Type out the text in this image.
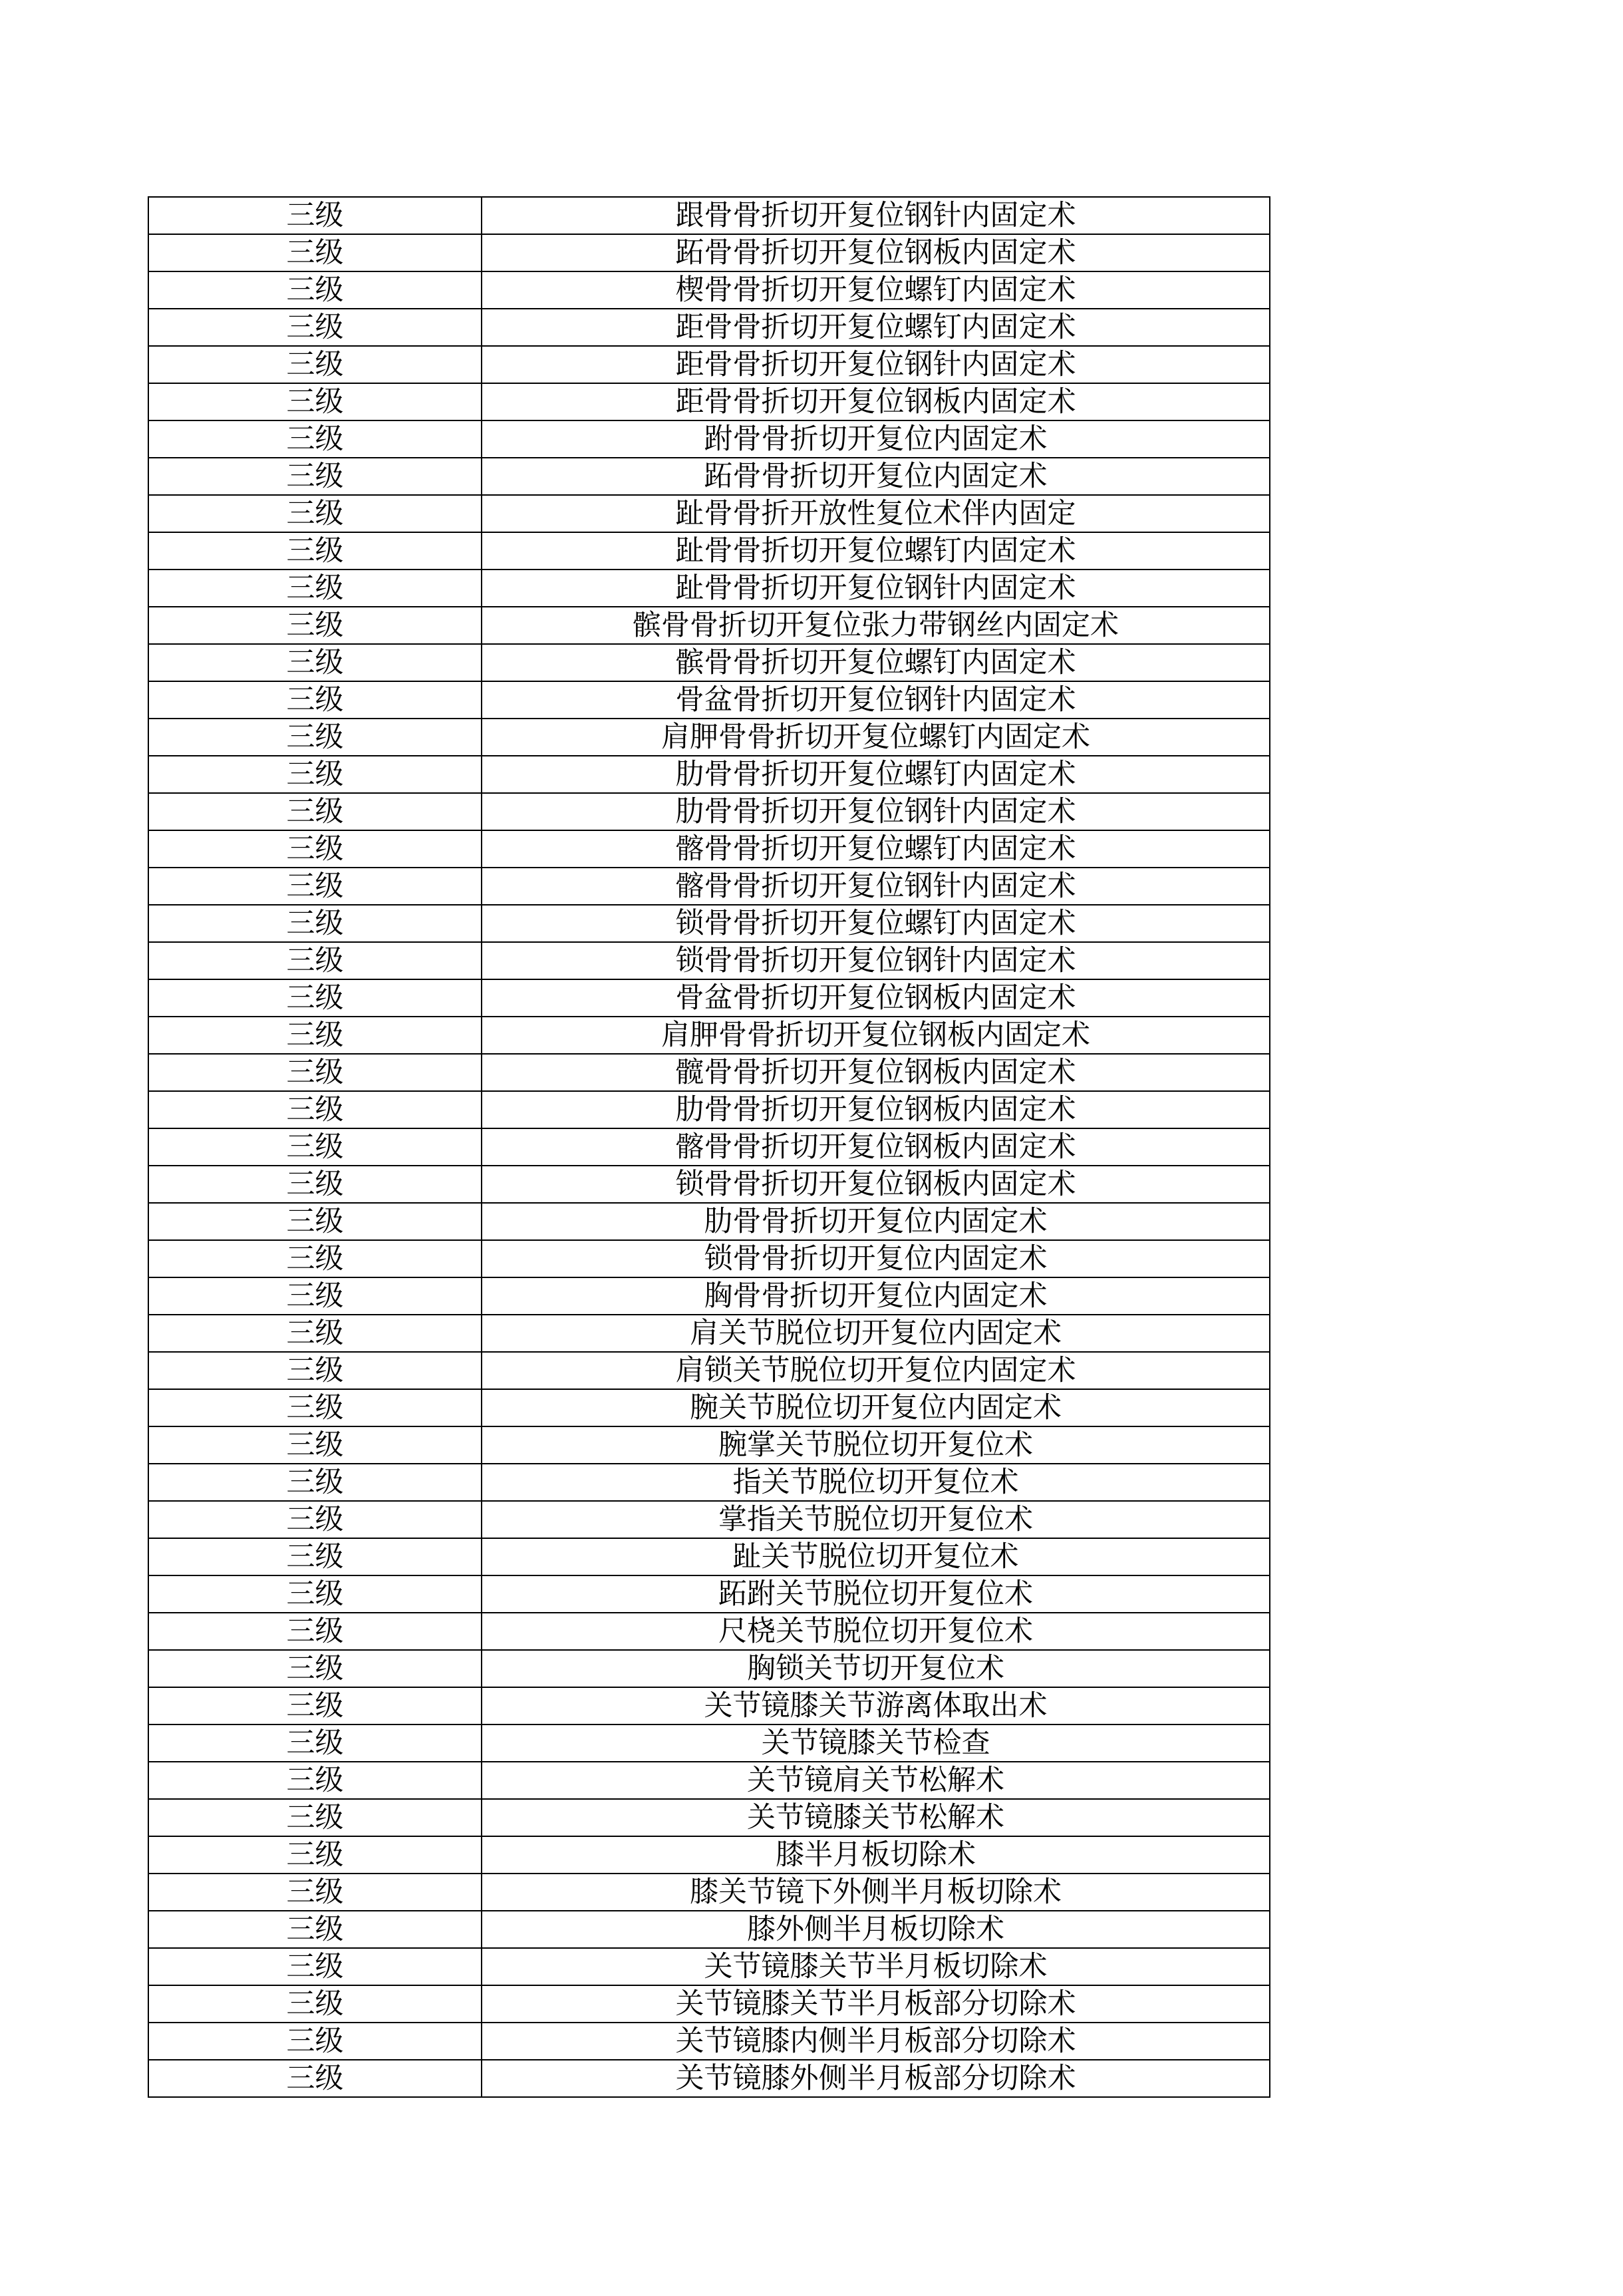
三级	跟骨骨折切开复位钢针内固定术
三级	跖骨骨折切开复位钢板内固定术
三级	楔骨骨折切开复位螺钉内固定术
三级	距骨骨折切开复位螺钉内固定术
三级	距骨骨折切开复位钢针内固定术
三级	距骨骨折切开复位钢板内固定术
三级	跗骨骨折切开复位内固定术
三级	跖骨骨折切开复位内固定术
三级	趾骨骨折开放性复位术伴内固定
三级	趾骨骨折切开复位螺钉内固定术
三级	趾骨骨折切开复位钢针内固定术
三级	髌骨骨折切开复位张力带钢丝内固定术
三级	髌骨骨折切开复位螺钉内固定术
三级	骨盆骨折切开复位钢针内固定术
三级	肩胛骨骨折切开复位螺钉内固定术
三级	肋骨骨折切开复位螺钉内固定术
三级	肋骨骨折切开复位钢针内固定术
三级	髂骨骨折切开复位螺钉内固定术
三级	髂骨骨折切开复位钢针内固定术
三级	锁骨骨折切开复位螺钉内固定术
三级	锁骨骨折切开复位钢针内固定术
三级	骨盆骨折切开复位钢板内固定术
三级	肩胛骨骨折切开复位钢板内固定术
三级	髋骨骨折切开复位钢板内固定术
三级	肋骨骨折切开复位钢板内固定术
三级	髂骨骨折切开复位钢板内固定术
三级	锁骨骨折切开复位钢板内固定术
三级	肋骨骨折切开复位内固定术
三级	锁骨骨折切开复位内固定术
三级	胸骨骨折切开复位内固定术
三级	肩关节脱位切开复位内固定术
三级	肩锁关节脱位切开复位内固定术
三级	腕关节脱位切开复位内固定术
三级	腕掌关节脱位切开复位术
三级	指关节脱位切开复位术
三级	掌指关节脱位切开复位术
三级	趾关节脱位切开复位术
三级	跖跗关节脱位切开复位术
三级	尺桡关节脱位切开复位术
三级	胸锁关节切开复位术
三级	关节镜膝关节游离体取出术
三级	关节镜膝关节检查
三级	关节镜肩关节松解术
三级	关节镜膝关节松解术
三级	膝半月板切除术
三级	膝关节镜下外侧半月板切除术
三级	膝外侧半月板切除术
三级	关节镜膝关节半月板切除术
三级	关节镜膝关节半月板部分切除术
三级	关节镜膝内侧半月板部分切除术
三级	关节镜膝外侧半月板部分切除术
